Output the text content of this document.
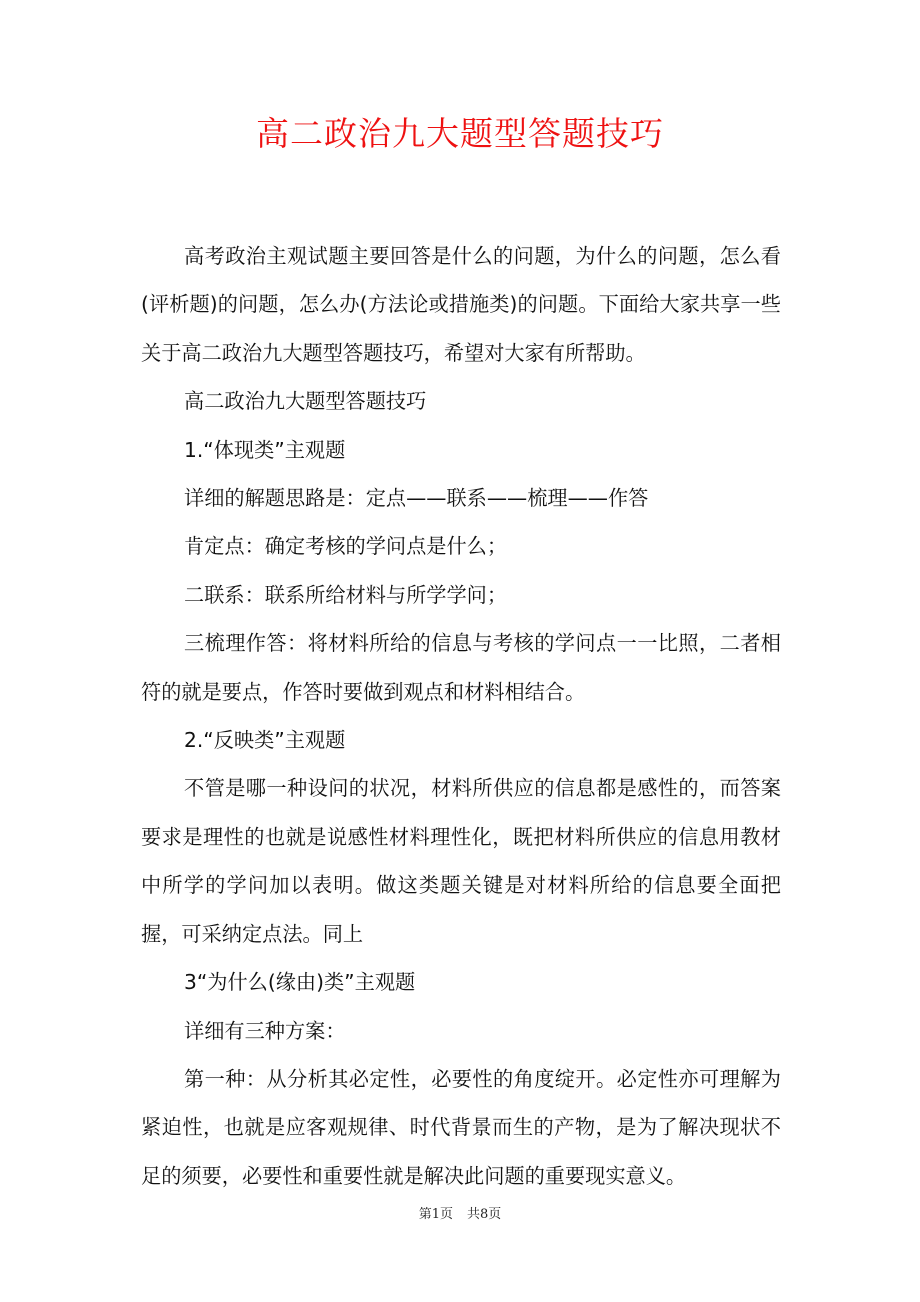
高二政治九大题型答题技巧

高考政治主观试题主要回答是什么的问题，为什么的问题，怎么看(评析题)的问题，怎么办(方法论或措施类)的问题。下面给大家共享一些关于高二政治九大题型答题技巧，希望对大家有所帮助。

高二政治九大题型答题技巧

1.“体现类”主观题

详细的解题思路是：定点——联系——梳理——作答

肯定点：确定考核的学问点是什么；

二联系：联系所给材料与所学学问；

三梳理作答：将材料所给的信息与考核的学问点一一比照，二者相符的就是要点，作答时要做到观点和材料相结合。

2.“反映类”主观题

不管是哪一种设问的状况，材料所供应的信息都是感性的，而答案要求是理性的也就是说感性材料理性化，既把材料所供应的信息用教材中所学的学问加以表明。做这类题关键是对材料所给的信息要全面把握，可采纳定点法。同上

3“为什么(缘由)类”主观题

详细有三种方案：

第一种：从分析其必定性，必要性的角度绽开。必定性亦可理解为紧迫性，也就是应客观规律、时代背景而生的产物，是为了解决现状不足的须要，必要性和重要性就是解决此问题的重要现实意义。

第1页 共8页
